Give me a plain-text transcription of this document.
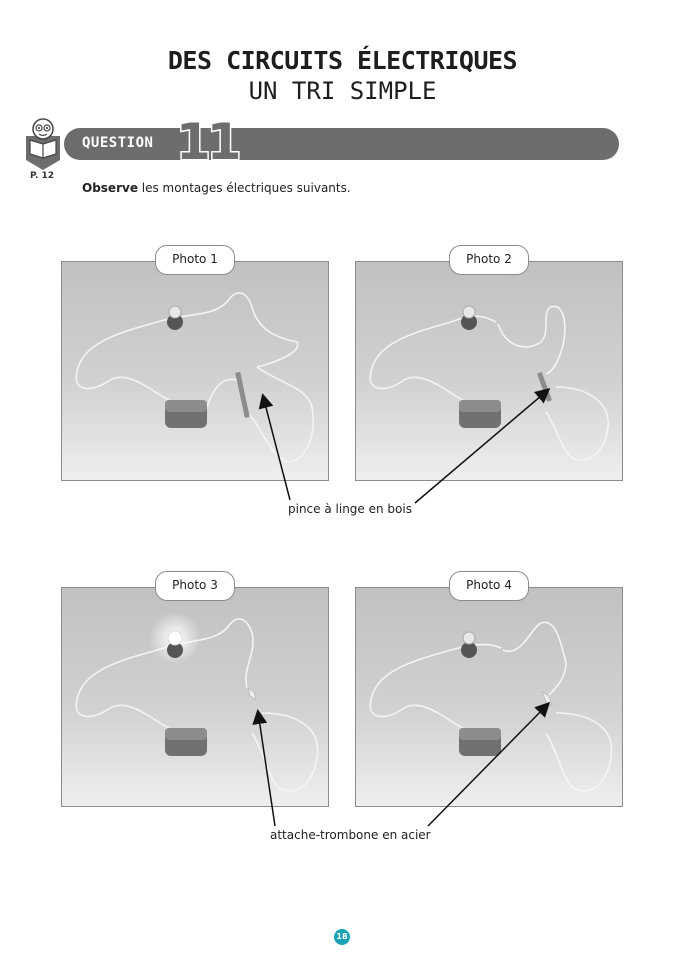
DES CIRCUITS ÉLECTRIQUES
UN TRI SIMPLE
P. 12
QUESTION 11
Observe les montages électriques suivants.
Photo 1	Photo 2
Photo 3	Photo 4
pince à linge en bois
attache-trombone en acier
18
